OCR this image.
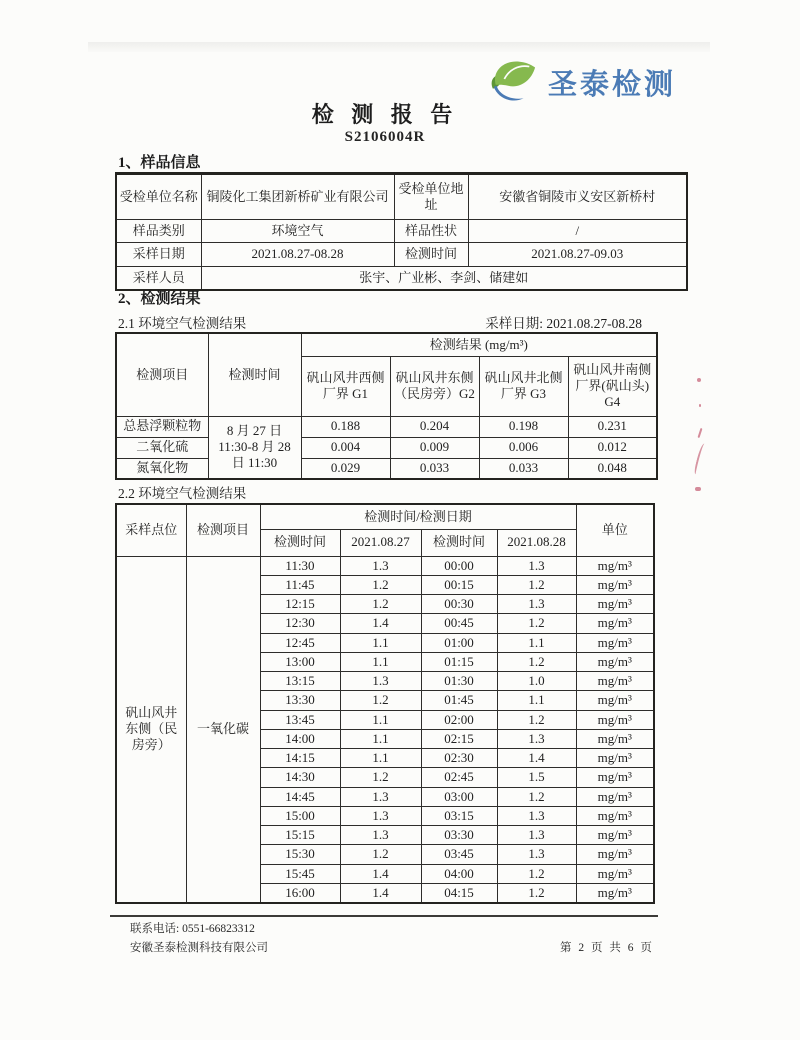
圣泰检测
检 测 报 告
S2106004R
1、样品信息
受检单位名称	铜陵化工集团新桥矿业有限公司	受检单位地址	安徽省铜陵市义安区新桥村
样品类别	环境空气	样品性状	/
采样日期	2021.08.27-08.28	检测时间	2021.08.27-09.03
采样人员	张宇、广业彬、李剑、储建如		
2、检测结果
2.1 环境空气检测结果	采样日期: 2021.08.27-08.28
检测项目	检测时间	检测结果 (mg/m³)			
		矾山风井西侧厂界 G1	矾山风井东侧（民房旁）G2	矾山风井北侧厂界 G3	矾山风井南侧厂界(矾山头) G4
总悬浮颗粒物	8 月 27 日 11:30-8 月 28 日 11:30	0.188	0.204	0.198	0.231
二氧化硫		0.004	0.009	0.006	0.012
氮氧化物		0.029	0.033	0.033	0.048
2.2 环境空气检测结果
采样点位	检测项目	检测时间/检测日期				单位
		检测时间	2021.08.27	检测时间	2021.08.28	
矾山风井东侧（民房旁）	一氧化碳	11:30	1.3	00:00	1.3	mg/m³
		11:45	1.2	00:15	1.2	mg/m³
		12:15	1.2	00:30	1.3	mg/m³
		12:30	1.4	00:45	1.2	mg/m³
		12:45	1.1	01:00	1.1	mg/m³
		13:00	1.1	01:15	1.2	mg/m³
		13:15	1.3	01:30	1.0	mg/m³
		13:30	1.2	01:45	1.1	mg/m³
		13:45	1.1	02:00	1.2	mg/m³
		14:00	1.1	02:15	1.3	mg/m³
		14:15	1.1	02:30	1.4	mg/m³
		14:30	1.2	02:45	1.5	mg/m³
		14:45	1.3	03:00	1.2	mg/m³
		15:00	1.3	03:15	1.3	mg/m³
		15:15	1.3	03:30	1.3	mg/m³
		15:30	1.2	03:45	1.3	mg/m³
		15:45	1.4	04:00	1.2	mg/m³
		16:00	1.4	04:15	1.2	mg/m³
联系电话: 0551-66823312
安徽圣泰检测科技有限公司	第 2 页 共 6 页
